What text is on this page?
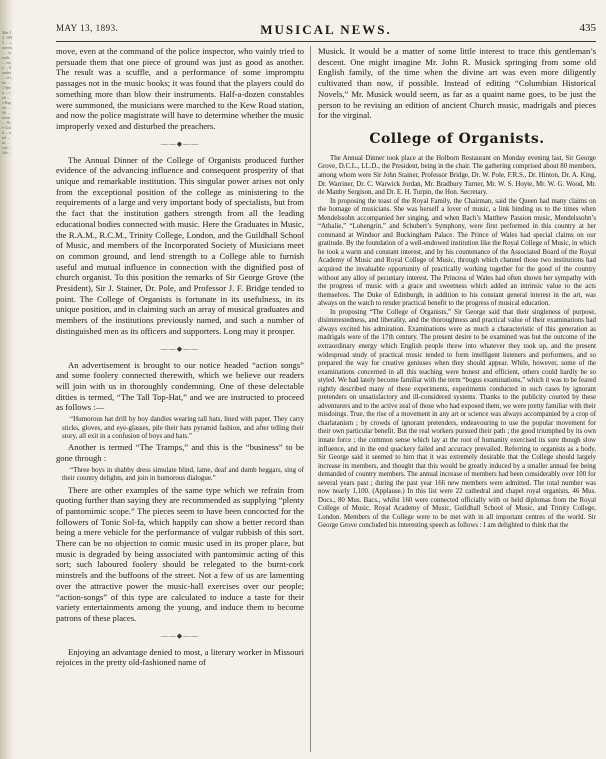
Mar 13, 1893. ... conven- ... stands ... very ... Sunder ... of the ... 1 Spen ... rob ... s Rapsiz ... Sit ... ment ... The Gold ... and ... nt. ... sub ... Jub...
MAY 13, 1893.	MUSICAL NEWS.	435

move, even at the command of the police inspector, who vainly tried to persuade them that one piece of ground was just as good as another. The result was a scuffle, and a performance of some impromptu passages not in the music books; it was found that the players could do something more than blow their instruments. Half-a-dozen constables were summoned, the musicians were marched to the Kew Road station, and now the police magistrate will have to determine whether the music improperly vexed and disturbed the preachers.

——◆——

The Annual Dinner of the College of Organists produced further evidence of the advancing influence and consequent prosperity of that unique and remarkable institution. This singular power arises not only from the exceptional position of the college as ministering to the requirements of a large and very important body of specialists, but from the fact that the institution gathers strength from all the leading educational bodies connected with music. Here the Graduates in Music, the R.A.M., R.C.M., Trinity College, London, and the Guildhall School of Music, and members of the Incorporated Society of Musicians meet on common ground, and lend strength to a College able to furnish useful and mutual influence in connection with the dignified post of church organist. To this position the remarks of Sir George Grove (the President), Sir J. Stainer, Dr. Pole, and Professor J. F. Bridge tended to point. The College of Organists is fortunate in its usefulness, in its unique position, and in claiming such an array of musical graduates and members of the institutions previously named, and such a number of distinguished men as its officers and supporters. Long may it prosper.

——◆——

An advertisement is brought to our notice headed “action songs” and some foolery connected therewith, which we believe our readers will join with us in thoroughly condemning. One of these delectable ditties is termed, “The Tall Top-Hat,” and we are instructed to proceed as follows :—

“Humorous hat drill by boy dandies wearing tall hats, lined with paper. They carry sticks, gloves, and eye-glasses, pile their hats pyramid fashion, and after telling their story, all exit in a confusion of boys and hats.”

Another is termed “The Tramps,” and this is the “business” to be gone through :

“Three boys in shabby dress simulate blind, lame, deaf and dumb beggars, sing of their country delights, and join in humorous dialogue.”

There are other examples of the same type which we refrain from quoting further than saying they are recommended as supplying “plenty of pantomimic scope.” The pieces seem to have been concocted for the followers of Tonic Sol-fa, which happily can show a better record than being a mere vehicle for the performance of vulgar rubbish of this sort. There can be no objection to comic music used in its proper place, but music is degraded by being associated with pantomimic acting of this sort; such laboured foolery should be relegated to the burnt-cork minstrels and the buffoons of the street. Not a few of us are lamenting over the attractive power the music-hall exercises over our people; “action-songs” of this type are calculated to induce a taste for their variety entertainments among the young, and induce them to become patrons of these places.

——◆——

Enjoying an advantage denied to most, a literary worker in Missouri rejoices in the pretty old-fashioned name of

Musick. It would be a matter of some little interest to trace this gentleman’s descent. One might imagine Mr. John R. Musick springing from some old English family, of the time when the divine art was even more diligently cultivated than now, if possible. Instead of editing “Columbian Historical Novels,” Mr. Musick would seem, as far as a quaint name goes, to be just the person to be revising an edition of ancient Church music, madrigals and pieces for the virginal.

College of Organists.

The Annual Dinner took place at the Holborn Restaurant on Monday evening last, Sir George Grove, D.C.L., LL.D., the President, being in the chair. The gathering comprised about 80 members, among whom were Sir John Stainer, Professor Bridge, Dr. W. Pole, F.R.S., Dr. Hinton, Dr. A. King, Dr. Warriner, Dr. C. Warwick Jordan, Mr. Bradbury Turner, Mr. W. S. Hoyte, Mr. W. G. Wood, Mr. de Manby Sergison, and Dr. E. H. Turpin, the Hon. Secretary.

In proposing the toast of the Royal Family, the Chairman, said the Queen had many claims on the homage of musicians. She was herself a lover of music, a link binding us to the times when Mendelssohn accompanied her singing, and when Bach’s Matthew Passion music, Mendelssohn’s “Athalie,” “Lohengrin,” and Schubert’s Symphony, were first performed in this country at her command at Windsor and Buckingham Palace. The Prince of Wales had special claims on our gratitude. By the foundation of a well-endowed institution like the Royal College of Music, in which he took a warm and constant interest, and by his countenance of the Associated Board of the Royal Academy of Music and Royal College of Music, through which channel those two institutions had acquired the invaluable opportunity of practically working together for the good of the country without any alloy of pecuniary interest. The Princess of Wales had often shown her sympathy with the progress of music with a grace and sweetness which added an intrinsic value to the acts themselves. The Duke of Edinburgh, in addition to his constant general interest in the art, was always on the watch to render practical benefit to the progress of musical education.

In proposing “The College of Organists,” Sir George said that their singleness of purpose, disinterestedness, and liberality, and the thoroughness and practical value of their examinations had always excited his admiration. Examinations were as much a characteristic of this generation as madrigals were of the 17th century. The present desire to be examined was but the outcome of the extraordinary energy which English people threw into whatever they took up, and the present widespread study of practical music tended to form intelligent listeners and performers, and so prepared the way for creative geniuses when they should appear. While, however, some of the examinations concerned in all this teaching were honest and efficient, others could hardly be so styled. We had lately become familiar with the term “bogus examinations,” which it was to be feared rightly described many of these experiments, experiments conducted in such cases by ignorant pretenders on unsatisfactory and ill-considered systems. Thanks to the publicity courted by these adventurers and to the active zeal of those who had exposed them, we were pretty familiar with their misdoings. True, the rise of a movement in any art or science was always accompanied by a crop of charlatanism ; by crowds of ignorant pretenders, endeavouring to use the popular movement for their own particular benefit. But the real workers pursued their path ; the good triumphed by its own innate force ; the common sense which lay at the root of humanity exercised its sure though slow influence, and in the end quackery failed and accuracy prevailed. Referring to organists as a body, Sir George said it seemed to him that it was extremely desirable that the College should largely increase its members, and thought that this would be greatly induced by a smaller annual fee being demanded of country members. The annual increase of members had been considerably over 100 for several years past ; during the past year 166 new members were admitted. The total number was now nearly 1,100. (Applause.) In this list were 22 cathedral and chapel royal organists, 46 Mus. Docs., 80 Mus. Bacs., whilst 160 were connected officially with or held diplomas from the Royal College of Music, Royal Academy of Music, Guildhall School of Music, and Trinity College, London. Members of the College were to be met with in all important centres of the world. Sir George Grove concluded his interesting speech as follows : I am delighted to think that the
